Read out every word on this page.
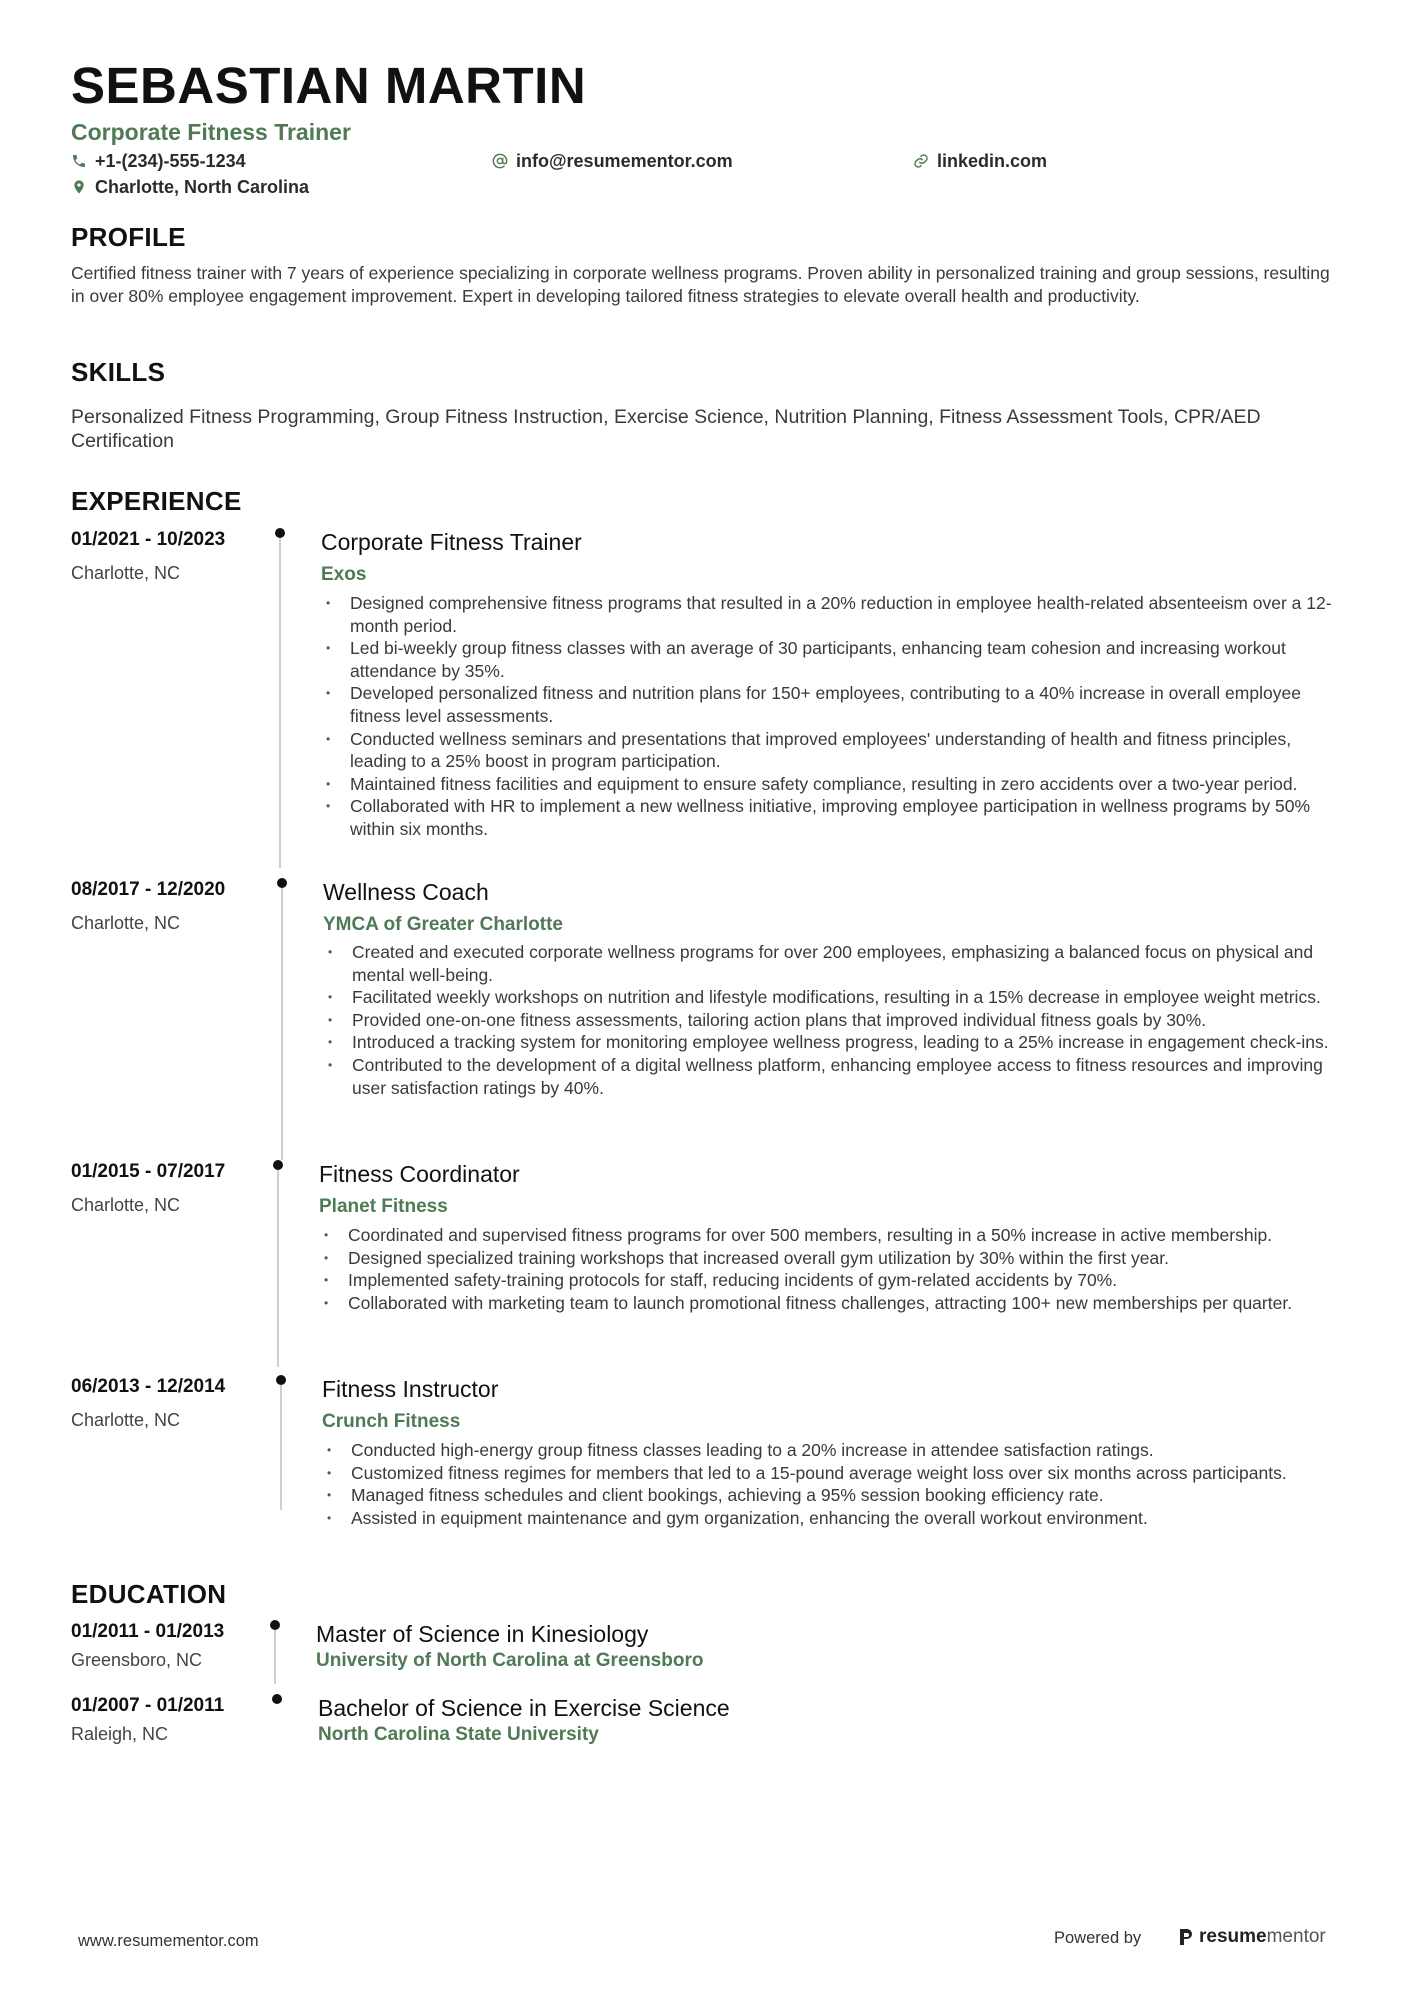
SEBASTIAN MARTIN
Corporate Fitness Trainer
+1-(234)-555-1234	info@resumementor.com	linkedin.com
Charlotte, North Carolina
PROFILE
Certified fitness trainer with 7 years of experience specializing in corporate wellness programs. Proven ability in personalized training and group sessions, resulting in over 80% employee engagement improvement. Expert in developing tailored fitness strategies to elevate overall health and productivity.
SKILLS
Personalized Fitness Programming, Group Fitness Instruction, Exercise Science, Nutrition Planning, Fitness Assessment Tools, CPR/AED Certification
EXPERIENCE
01/2021 - 10/2023
Charlotte, NC
Corporate Fitness Trainer
Exos
• Designed comprehensive fitness programs that resulted in a 20% reduction in employee health-related absenteeism over a 12-month period.
• Led bi-weekly group fitness classes with an average of 30 participants, enhancing team cohesion and increasing workout attendance by 35%.
• Developed personalized fitness and nutrition plans for 150+ employees, contributing to a 40% increase in overall employee fitness level assessments.
• Conducted wellness seminars and presentations that improved employees' understanding of health and fitness principles, leading to a 25% boost in program participation.
• Maintained fitness facilities and equipment to ensure safety compliance, resulting in zero accidents over a two-year period.
• Collaborated with HR to implement a new wellness initiative, improving employee participation in wellness programs by 50% within six months.
08/2017 - 12/2020
Charlotte, NC
Wellness Coach
YMCA of Greater Charlotte
• Created and executed corporate wellness programs for over 200 employees, emphasizing a balanced focus on physical and mental well-being.
• Facilitated weekly workshops on nutrition and lifestyle modifications, resulting in a 15% decrease in employee weight metrics.
• Provided one-on-one fitness assessments, tailoring action plans that improved individual fitness goals by 30%.
• Introduced a tracking system for monitoring employee wellness progress, leading to a 25% increase in engagement check-ins.
• Contributed to the development of a digital wellness platform, enhancing employee access to fitness resources and improving user satisfaction ratings by 40%.
01/2015 - 07/2017
Charlotte, NC
Fitness Coordinator
Planet Fitness
• Coordinated and supervised fitness programs for over 500 members, resulting in a 50% increase in active membership.
• Designed specialized training workshops that increased overall gym utilization by 30% within the first year.
• Implemented safety-training protocols for staff, reducing incidents of gym-related accidents by 70%.
• Collaborated with marketing team to launch promotional fitness challenges, attracting 100+ new memberships per quarter.
06/2013 - 12/2014
Charlotte, NC
Fitness Instructor
Crunch Fitness
• Conducted high-energy group fitness classes leading to a 20% increase in attendee satisfaction ratings.
• Customized fitness regimes for members that led to a 15-pound average weight loss over six months across participants.
• Managed fitness schedules and client bookings, achieving a 95% session booking efficiency rate.
• Assisted in equipment maintenance and gym organization, enhancing the overall workout environment.
EDUCATION
01/2011 - 01/2013
Greensboro, NC
Master of Science in Kinesiology
University of North Carolina at Greensboro
01/2007 - 01/2011
Raleigh, NC
Bachelor of Science in Exercise Science
North Carolina State University
www.resumementor.com	Powered by	resumementor
